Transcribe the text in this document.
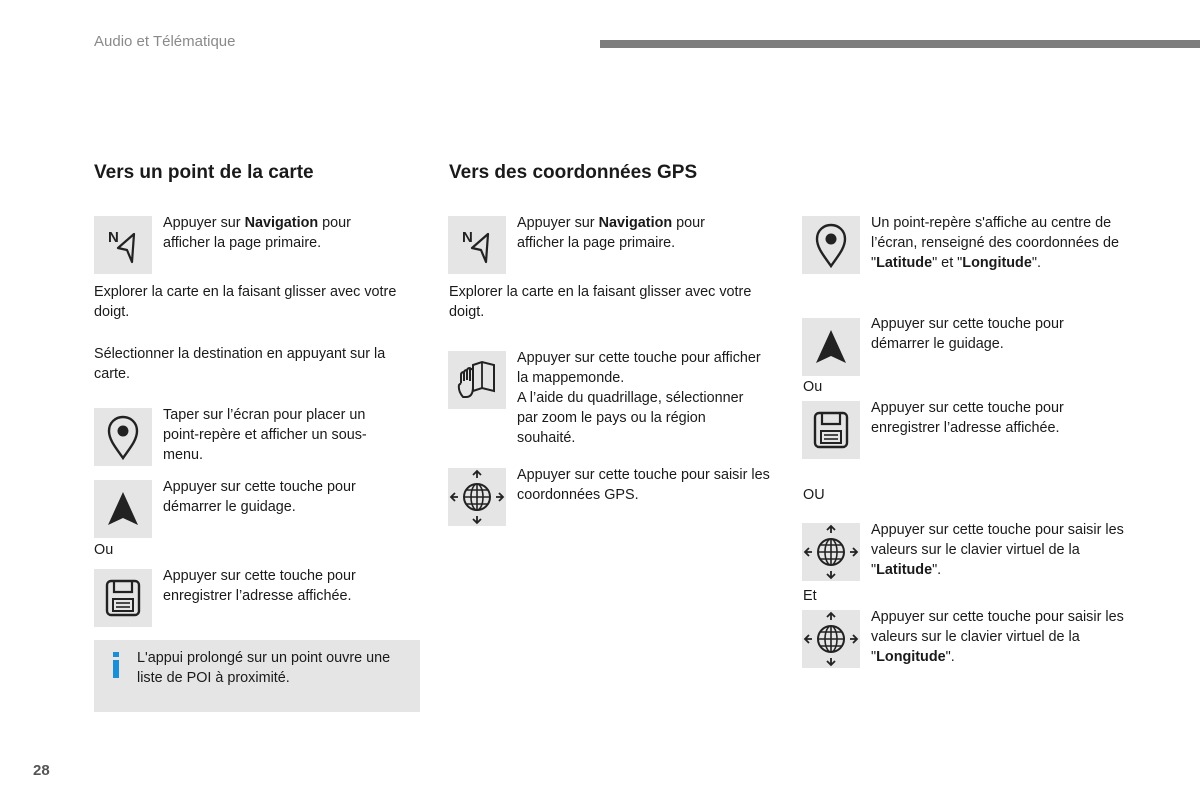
Audio et Télématique
Vers un point de la carte
Appuyer sur Navigation pour afficher la page primaire.
Explorer la carte en la faisant glisser avec votre doigt.
Sélectionner la destination en appuyant sur la carte.
Taper sur l’écran pour placer un point-repère et afficher un sous-menu.
Appuyer sur cette touche pour démarrer le guidage.
Ou
Appuyer sur cette touche pour enregistrer l’adresse affichée.
L'appui prolongé sur un point ouvre une liste de POI à proximité.
Vers des coordonnées GPS
Appuyer sur Navigation pour afficher la page primaire.
Explorer la carte en la faisant glisser avec votre doigt.
Appuyer sur cette touche pour afficher la mappemonde.
A l’aide du quadrillage, sélectionner par zoom le pays ou la région souhaité.
Appuyer sur cette touche pour saisir les coordonnées GPS.
Un point-repère s'affiche au centre de l’écran, renseigné des coordonnées de "Latitude" et "Longitude".
Appuyer sur cette touche pour démarrer le guidage.
Ou
Appuyer sur cette touche pour enregistrer l’adresse affichée.
OU
Appuyer sur cette touche pour saisir les valeurs sur le clavier virtuel de la "Latitude".
Et
Appuyer sur cette touche pour saisir les valeurs sur le clavier virtuel de la "Longitude".
28
